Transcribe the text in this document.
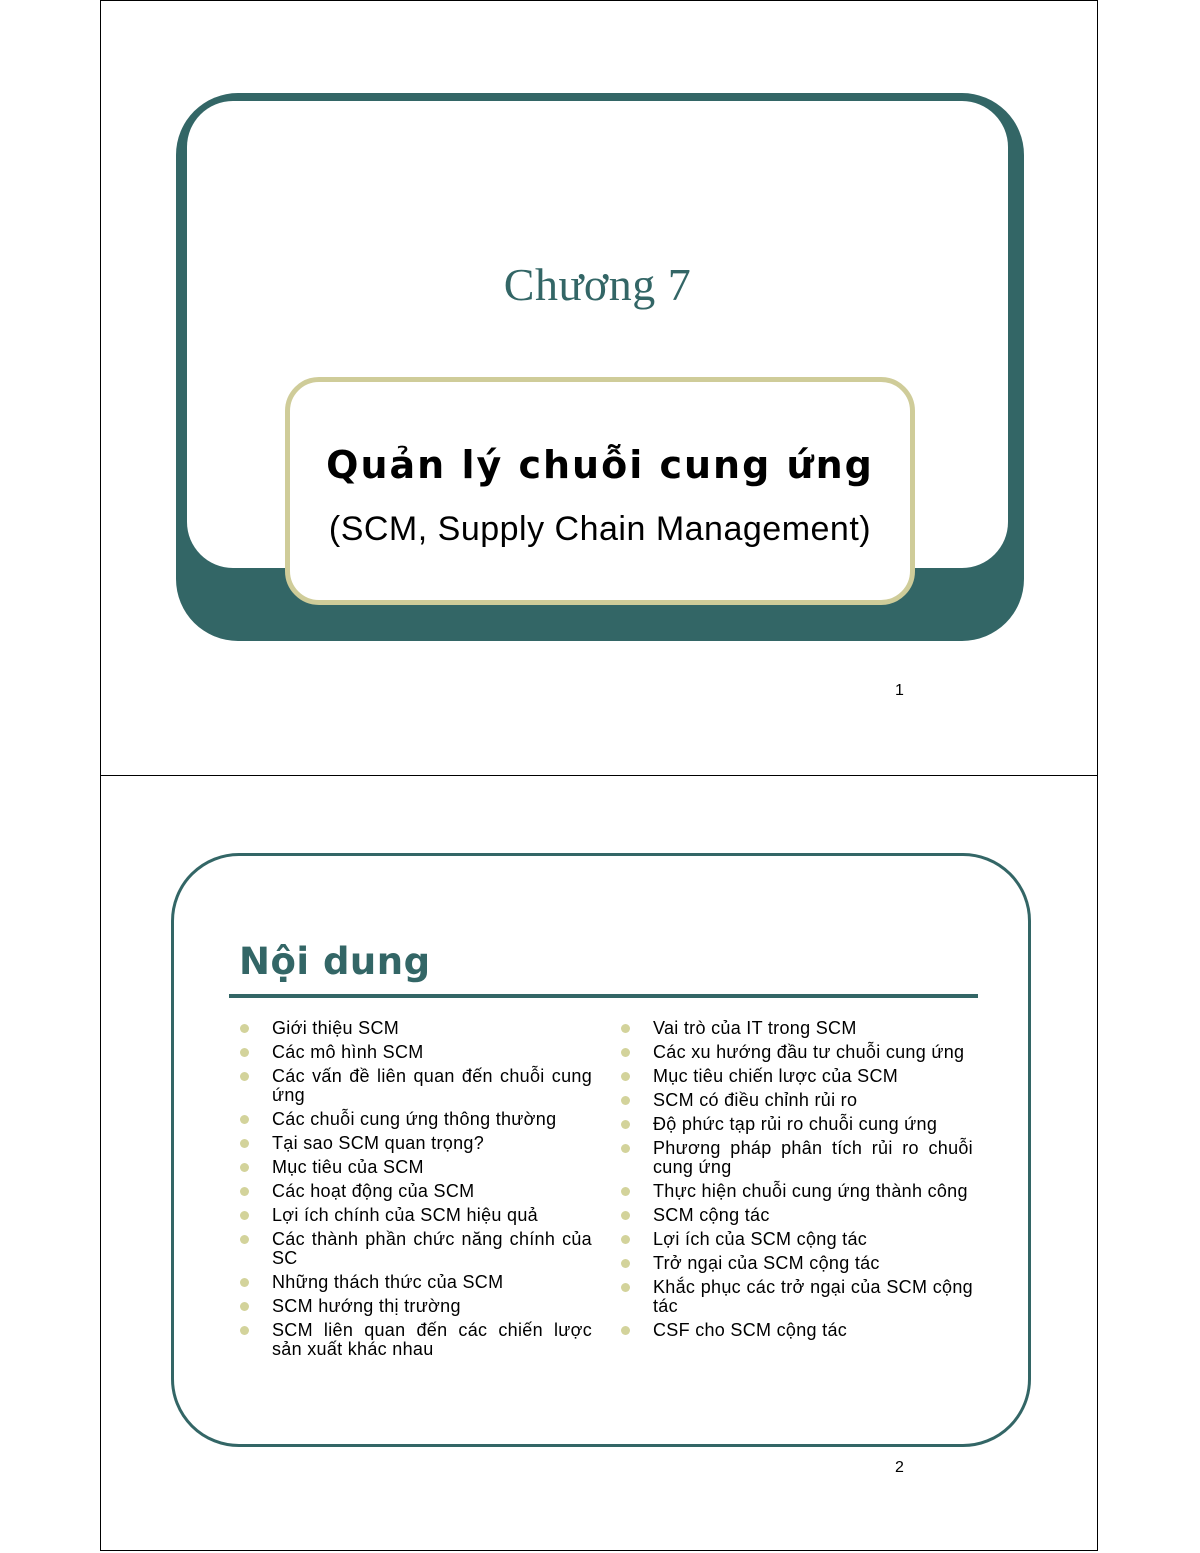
Chương 7
Quản lý chuỗi cung ứng

(SCM, Supply Chain Management)

1
Nội dung
Giới thiệu SCM
Các mô hình SCM
Các vấn đề liên quan đến chuỗi cung ứng
Các chuỗi cung ứng thông thường
Tại sao SCM quan trọng?
Mục tiêu của SCM
Các hoạt động của SCM
Lợi ích chính của SCM hiệu quả
Các thành phần chức năng chính của SC
Những thách thức của SCM
SCM hướng thị trường
SCM liên quan đến các chiến lược sản xuất khác nhau
Vai trò của IT trong SCM
Các xu hướng đầu tư chuỗi cung ứng
Mục tiêu chiến lược của SCM
SCM có điều chỉnh rủi ro
Độ phức tạp rủi ro chuỗi cung ứng
Phương pháp phân tích rủi ro chuỗi cung ứng
Thực hiện chuỗi cung ứng thành công
SCM cộng tác
Lợi ích của SCM cộng tác
Trở ngại của SCM cộng tác
Khắc phục các trở ngại của SCM cộng tác
CSF cho SCM cộng tác
2
